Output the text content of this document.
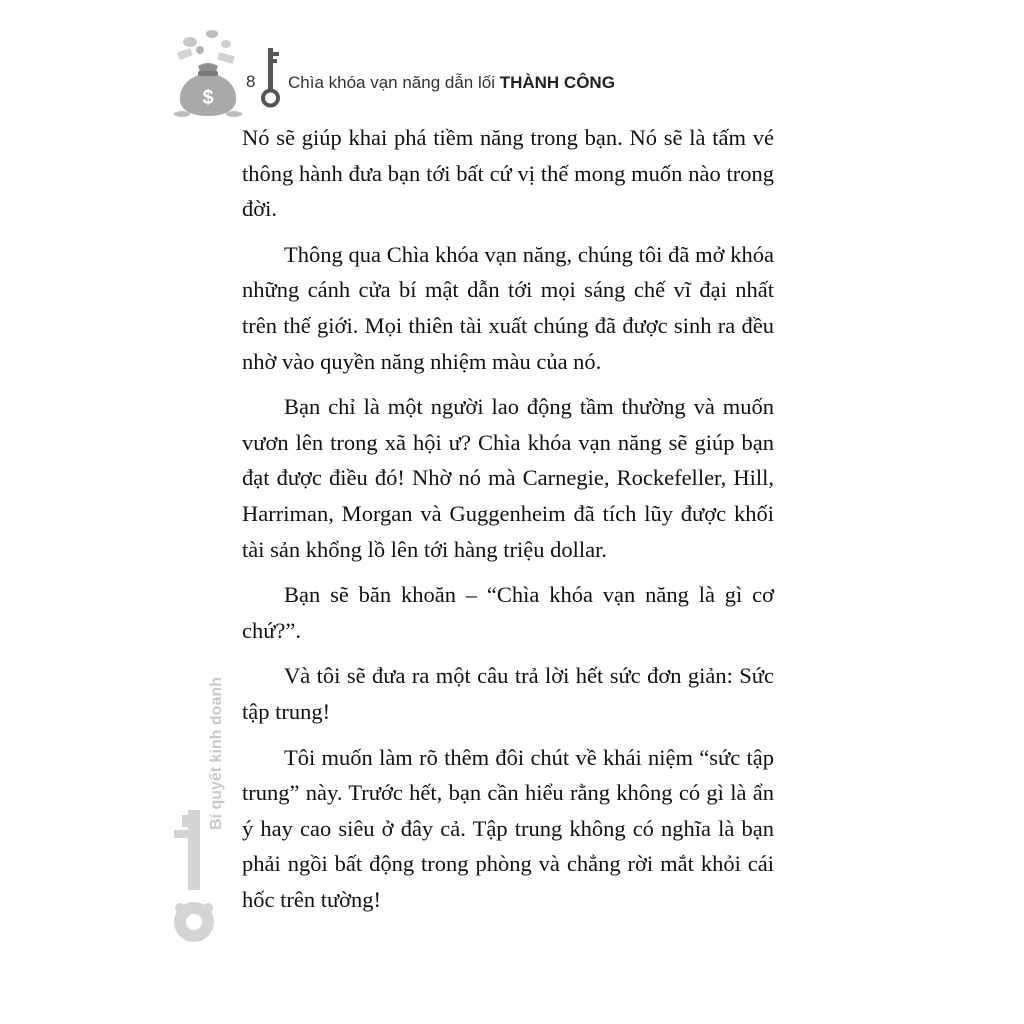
$
8 Chìa khóa vạn năng dẫn lối THÀNH CÔNG

Nó sẽ giúp khai phá tiềm năng trong bạn. Nó sẽ là tấm vé thông hành đưa bạn tới bất cứ vị thế mong muốn nào trong đời.

Thông qua Chìa khóa vạn năng, chúng tôi đã mở khóa những cánh cửa bí mật dẫn tới mọi sáng chế vĩ đại nhất trên thế giới. Mọi thiên tài xuất chúng đã được sinh ra đều nhờ vào quyền năng nhiệm màu của nó.

Bạn chỉ là một người lao động tầm thường và muốn vươn lên trong xã hội ư? Chìa khóa vạn năng sẽ giúp bạn đạt được điều đó! Nhờ nó mà Carnegie, Rockefeller, Hill, Harriman, Morgan và Guggenheim đã tích lũy được khối tài sản khổng lồ lên tới hàng triệu dollar.

Bạn sẽ băn khoăn – “Chìa khóa vạn năng là gì cơ chứ?”.

Và tôi sẽ đưa ra một câu trả lời hết sức đơn giản: Sức tập trung!

Tôi muốn làm rõ thêm đôi chút về khái niệm “sức tập trung” này. Trước hết, bạn cần hiểu rằng không có gì là ẩn ý hay cao siêu ở đây cả. Tập trung không có nghĩa là bạn phải ngồi bất động trong phòng và chẳng rời mắt khỏi cái hốc trên tường!

Bí quyết kinh doanh
